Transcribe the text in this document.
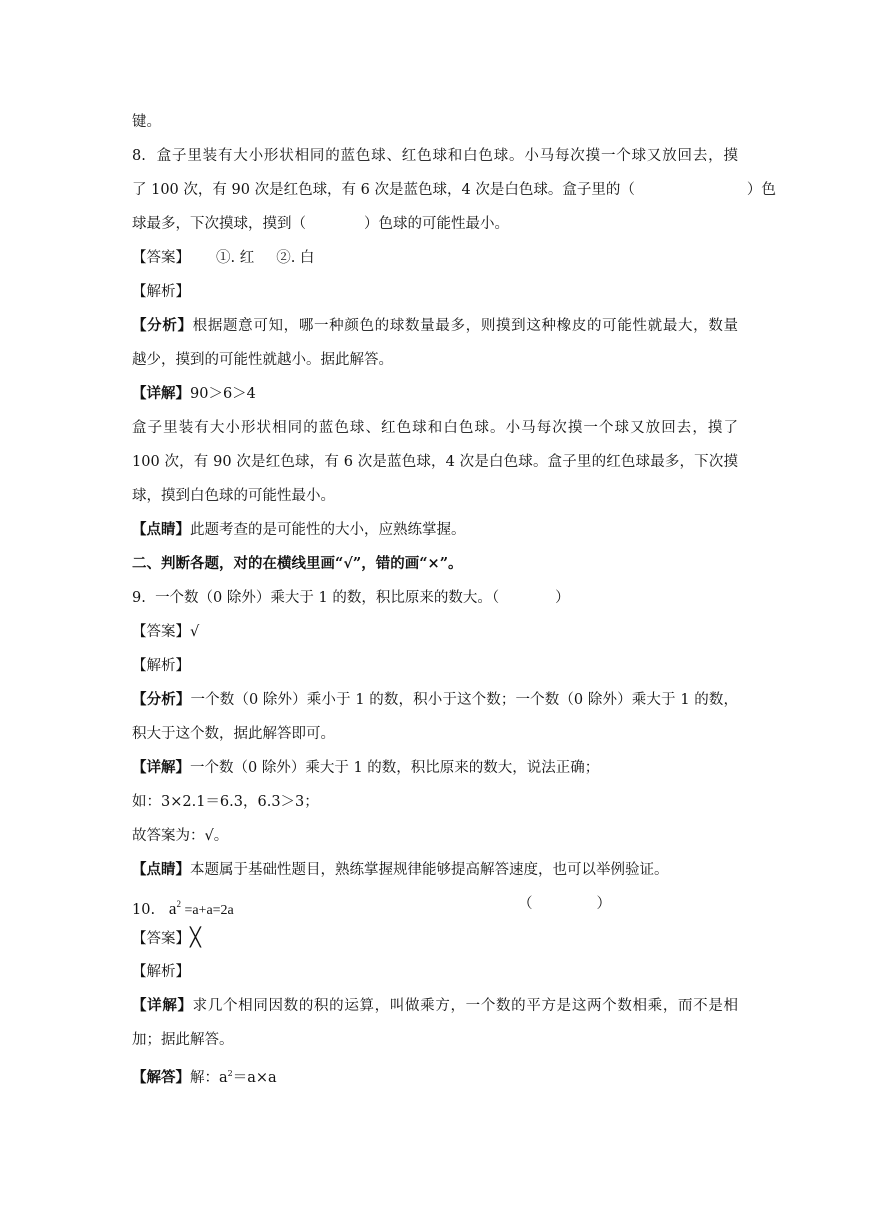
键。
8. 盒子里装有大小形状相同的蓝色球、红色球和白色球。小马每次摸一个球又放回去，摸
了 100 次，有 90 次是红色球，有 6 次是蓝色球，4 次是白色球。盒子里的（	）色
球最多，下次摸球，摸到（	）色球的可能性最小。
【答案】 ①. 红 ②. 白
【解析】
【分析】根据题意可知，哪一种颜色的球数量最多，则摸到这种橡皮的可能性就最大，数量
越少，摸到的可能性就越小。据此解答。
【详解】90＞6＞4
盒子里装有大小形状相同的蓝色球、红色球和白色球。小马每次摸一个球又放回去，摸了
100 次，有 90 次是红色球，有 6 次是蓝色球，4 次是白色球。盒子里的红色球最多，下次摸
球，摸到白色球的可能性最小。
【点睛】此题考查的是可能性的大小，应熟练掌握。
二、判断各题，对的在横线里画“√”，错的画“×”。
9. 一个数（0 除外）乘大于 1 的数，积比原来的数大。（	）
【答案】√
【解析】
【分析】一个数（0 除外）乘小于 1 的数，积小于这个数；一个数（0 除外）乘大于 1 的数，
积大于这个数，据此解答即可。
【详解】一个数（0 除外）乘大于 1 的数，积比原来的数大，说法正确；
如：3×2.1＝6.3，6.3＞3；
故答案为：√。
【点睛】本题属于基础性题目，熟练掌握规律能够提高解答速度，也可以举例验证。
10. $a^2 =a+a=2a$	（	）
【答案】╳
【解析】
【详解】求几个相同因数的积的运算，叫做乘方，一个数的平方是这两个数相乘，而不是相
加；据此解答。
【解答】解：$a^2=a\times a$
